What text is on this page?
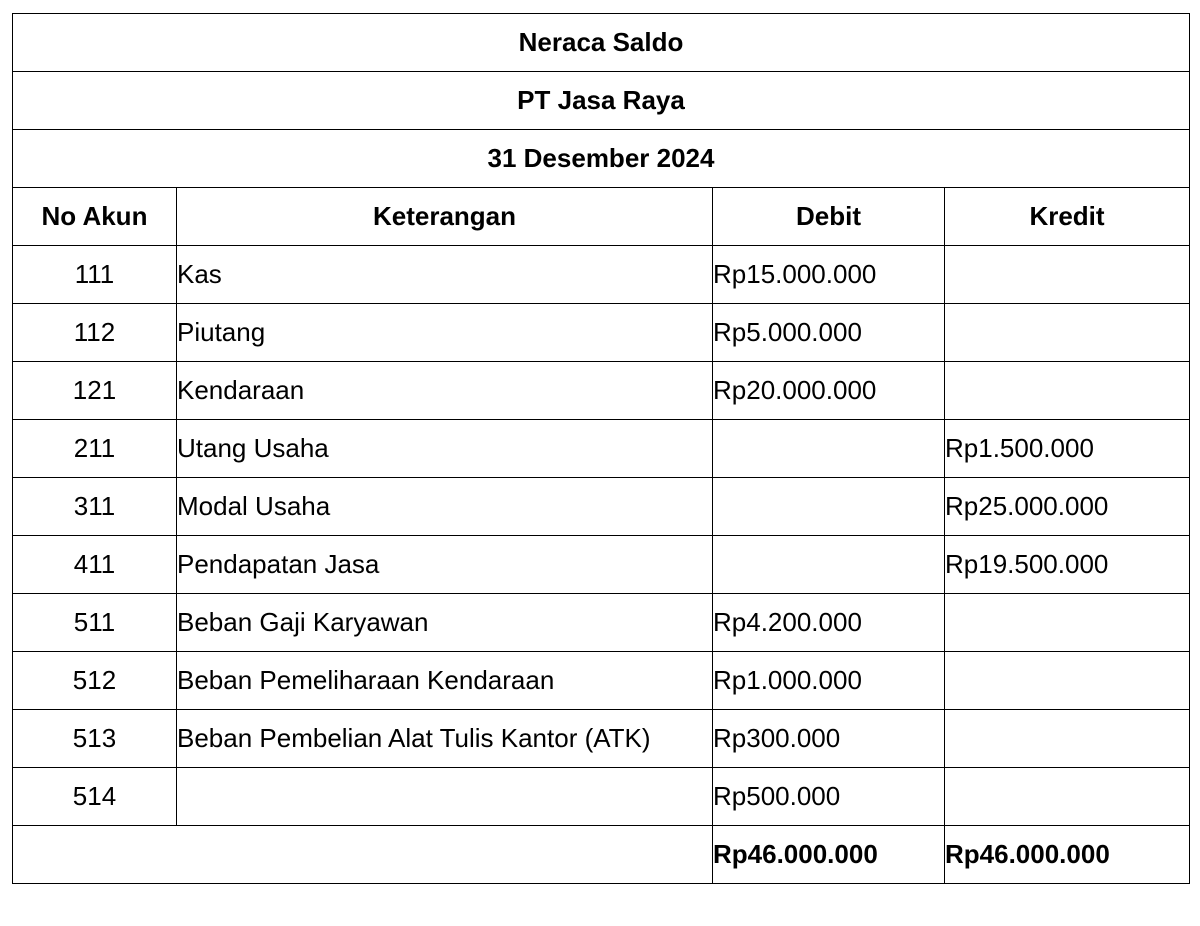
Neraca Saldo			
PT Jasa Raya			
31 Desember 2024			
No Akun	Keterangan	Debit	Kredit
111	Kas	Rp15.000.000	
112	Piutang	Rp5.000.000	
121	Kendaraan	Rp20.000.000	
211	Utang Usaha		Rp1.500.000
311	Modal Usaha		Rp25.000.000
411	Pendapatan Jasa		Rp19.500.000
511	Beban Gaji Karyawan	Rp4.200.000	
512	Beban Pemeliharaan Kendaraan	Rp1.000.000	
513	Beban Pembelian Alat Tulis Kantor (ATK)	Rp300.000	
514		Rp500.000	
		Rp46.000.000	Rp46.000.000
